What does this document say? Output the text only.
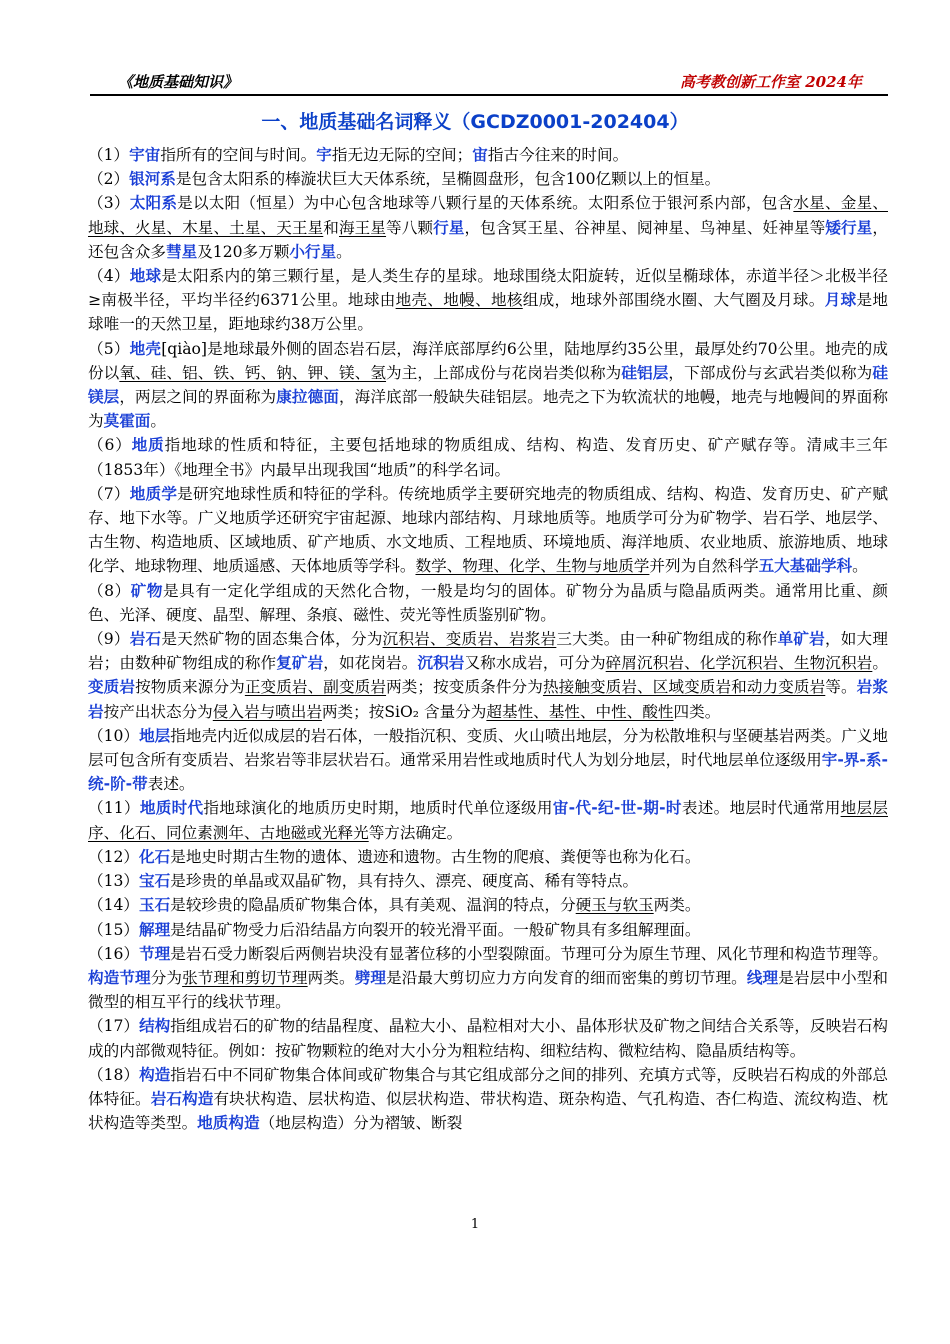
《地质基础知识》	高考教创新工作室 2024年
一、地质基础名词释义（GCDZ0001-202404）

（1）宇宙指所有的空间与时间。宇指无边无际的空间；宙指古今往来的时间。

（2）银河系是包含太阳系的棒漩状巨大天体系统，呈椭圆盘形，包含100亿颗以上的恒星。

（3）太阳系是以太阳（恒星）为中心包含地球等八颗行星的天体系统。太阳系位于银河系内部，包含水星、金星、地球、火星、木星、土星、天王星和海王星等八颗行星，包含冥王星、谷神星、阋神星、鸟神星、妊神星等矮行星，还包含众多彗星及120多万颗小行星。

（4）地球是太阳系内的第三颗行星，是人类生存的星球。地球围绕太阳旋转，近似呈椭球体，赤道半径＞北极半径≥南极半径，平均半径约6371公里。地球由地壳、地幔、地核组成，地球外部围绕水圈、大气圈及月球。月球是地球唯一的天然卫星，距地球约38万公里。

（5）地壳[qiào]是地球最外侧的固态岩石层，海洋底部厚约6公里，陆地厚约35公里，最厚处约70公里。地壳的成份以氧、硅、铝、铁、钙、钠、钾、镁、氢为主，上部成份与花岗岩类似称为硅铝层，下部成份与玄武岩类似称为硅镁层，两层之间的界面称为康拉德面，海洋底部一般缺失硅铝层。地壳之下为软流状的地幔，地壳与地幔间的界面称为莫霍面。

（6）地质指地球的性质和特征，主要包括地球的物质组成、结构、构造、发育历史、矿产赋存等。清咸丰三年（1853年）《地理全书》内最早出现我国“地质”的科学名词。

（7）地质学是研究地球性质和特征的学科。传统地质学主要研究地壳的物质组成、结构、构造、发育历史、矿产赋存、地下水等。广义地质学还研究宇宙起源、地球内部结构、月球地质等。地质学可分为矿物学、岩石学、地层学、古生物、构造地质、区域地质、矿产地质、水文地质、工程地质、环境地质、海洋地质、农业地质、旅游地质、地球化学、地球物理、地质遥感、天体地质等学科。数学、物理、化学、生物与地质学并列为自然科学五大基础学科。

（8）矿物是具有一定化学组成的天然化合物，一般是均匀的固体。矿物分为晶质与隐晶质两类。通常用比重、颜色、光泽、硬度、晶型、解理、条痕、磁性、荧光等性质鉴别矿物。

（9）岩石是天然矿物的固态集合体，分为沉积岩、变质岩、岩浆岩三大类。由一种矿物组成的称作单矿岩，如大理岩；由数种矿物组成的称作复矿岩，如花岗岩。沉积岩又称水成岩，可分为碎屑沉积岩、化学沉积岩、生物沉积岩。变质岩按物质来源分为正变质岩、副变质岩两类；按变质条件分为热接触变质岩、区域变质岩和动力变质岩等。岩浆岩按产出状态分为侵入岩与喷出岩两类；按SiO₂ 含量分为超基性、基性、中性、酸性四类。

（10）地层指地壳内近似成层的岩石体，一般指沉积、变质、火山喷出地层，分为松散堆积与坚硬基岩两类。广义地层可包含所有变质岩、岩浆岩等非层状岩石。通常采用岩性或地质时代人为划分地层，时代地层单位逐级用宇-界-系-统-阶-带表述。

（11）地质时代指地球演化的地质历史时期，地质时代单位逐级用宙-代-纪-世-期-时表述。地层时代通常用地层层序、化石、同位素测年、古地磁或光释光等方法确定。

（12）化石是地史时期古生物的遗体、遗迹和遗物。古生物的爬痕、粪便等也称为化石。

（13）宝石是珍贵的单晶或双晶矿物，具有持久、漂亮、硬度高、稀有等特点。

（14）玉石是较珍贵的隐晶质矿物集合体，具有美观、温润的特点，分硬玉与软玉两类。

（15）解理是结晶矿物受力后沿结晶方向裂开的较光滑平面。一般矿物具有多组解理面。

（16）节理是岩石受力断裂后两侧岩块没有显著位移的小型裂隙面。节理可分为原生节理、风化节理和构造节理等。构造节理分为张节理和剪切节理两类。劈理是沿最大剪切应力方向发育的细而密集的剪切节理。线理是岩层中小型和微型的相互平行的线状节理。

（17）结构指组成岩石的矿物的结晶程度、晶粒大小、晶粒相对大小、晶体形状及矿物之间结合关系等，反映岩石构成的内部微观特征。例如：按矿物颗粒的绝对大小分为粗粒结构、细粒结构、微粒结构、隐晶质结构等。

（18）构造指岩石中不同矿物集合体间或矿物集合与其它组成部分之间的排列、充填方式等，反映岩石构成的外部总体特征。岩石构造有块状构造、层状构造、似层状构造、带状构造、斑杂构造、气孔构造、杏仁构造、流纹构造、枕状构造等类型。地质构造（地层构造）分为褶皱、断裂

1
